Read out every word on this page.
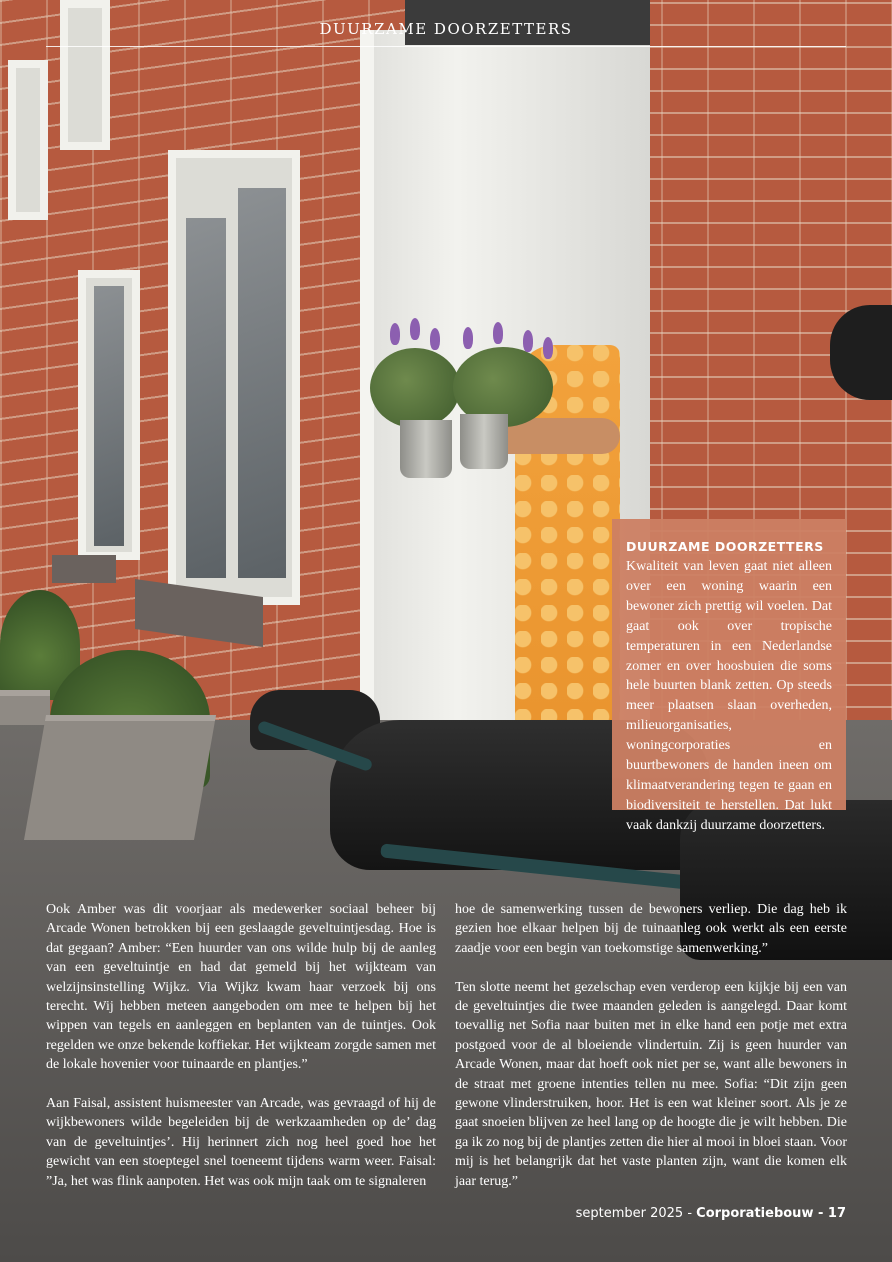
DUURZAME DOORZETTERS
DUURZAME DOORZETTERS

Kwaliteit van leven gaat niet alleen over een woning waarin een bewoner zich prettig wil voelen. Dat gaat ook over tropische temperaturen in een Nederlandse zomer en over hoosbuien die soms hele buurten blank zetten. Op steeds meer plaatsen slaan overheden, milieuorganisaties, woningcorporaties en buurtbewoners de handen ineen om klimaatverandering tegen te gaan en biodiversiteit te herstellen. Dat lukt vaak dankzij duurzame doorzetters.

Ook Amber was dit voorjaar als medewerker sociaal beheer bij Arcade Wonen betrokken bij een geslaagde geveltuintjesdag. Hoe is dat gegaan? Amber: “Een huurder van ons wilde hulp bij de aanleg van een geveltuintje en had dat gemeld bij het wijkteam van welzijnsinstelling Wijkz. Via Wijkz kwam haar verzoek bij ons terecht. Wij hebben meteen aangeboden om mee te helpen bij het wippen van tegels en aanleggen en beplanten van de tuintjes. Ook regelden we onze bekende koffiekar. Het wijkteam zorgde samen met de lokale hovenier voor tuinaarde en plantjes.”

Aan Faisal, assistent huismeester van Arcade, was gevraagd of hij de wijkbewoners wilde begeleiden bij de werkzaamheden op de’ dag van de geveltuintjes’. Hij herinnert zich nog heel goed hoe het gewicht van een stoeptegel snel toeneemt tijdens warm weer. Faisal: ”Ja, het was flink aanpoten. Het was ook mijn taak om te signaleren

hoe de samenwerking tussen de bewoners verliep. Die dag heb ik gezien hoe elkaar helpen bij de tuinaanleg ook werkt als een eerste zaadje voor een begin van toekomstige samenwerking.”

Ten slotte neemt het gezelschap even verderop een kijkje bij een van de geveltuintjes die twee maanden geleden is aangelegd. Daar komt toevallig net Sofia naar buiten met in elke hand een potje met extra postgoed voor de al bloeiende vlindertuin. Zij is geen huurder van Arcade Wonen, maar dat hoeft ook niet per se, want alle bewoners in de straat met groene intenties tellen nu mee. Sofia: “Dit zijn geen gewone vlinderstruiken, hoor. Het is een wat kleiner soort. Als je ze gaat snoeien blijven ze heel lang op de hoogte die je wilt hebben. Die ga ik zo nog bij de plantjes zetten die hier al mooi in bloei staan. Voor mij is het belangrijk dat het vaste planten zijn, want die komen elk jaar terug.”

september 2025 - Corporatiebouw - 17
